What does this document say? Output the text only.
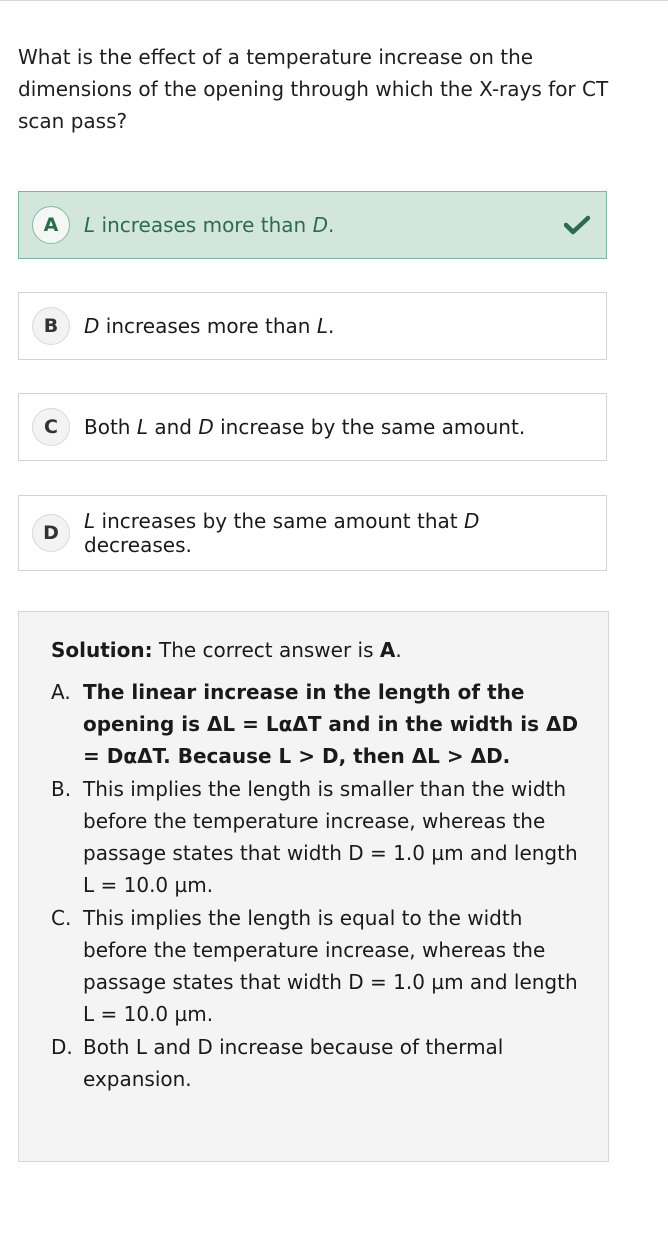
What is the effect of a temperature increase on the dimensions of the opening through which the X-rays for CT scan pass?
A	L increases more than D.
B	D increases more than L.
C	Both L and D increase by the same amount.
D	L increases by the same amount that D decreases.
Solution: The correct answer is A.
A. The linear increase in the length of the opening is ΔL = LαΔT and in the width is ΔD = DαΔT. Because L > D, then ΔL > ΔD.
B. This implies the length is smaller than the width before the temperature increase, whereas the passage states that width D = 1.0 µm and length L = 10.0 µm.
C. This implies the length is equal to the width before the temperature increase, whereas the passage states that width D = 1.0 µm and length L = 10.0 µm.
D. Both L and D increase because of thermal expansion.
